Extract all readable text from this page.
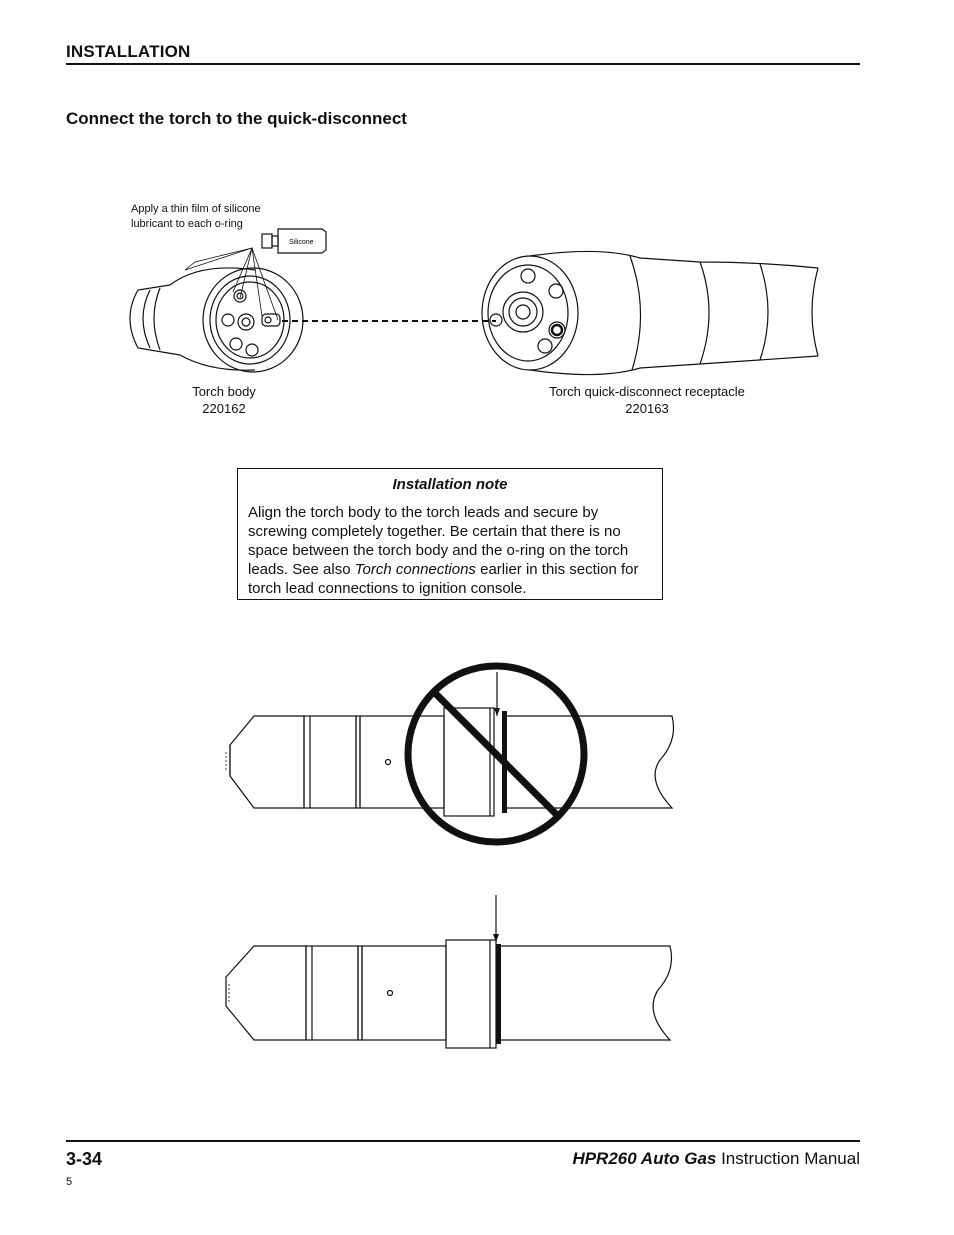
INSTALLATION
Connect the torch to the quick-disconnect
Apply a thin film of silicone
lubricant to each o-ring
Silicone
Torch body
220162
Torch quick-disconnect receptacle
220163
Installation note

Align the torch body to the torch leads and secure by screwing completely together. Be certain that there is no space between the torch body and the o-ring on the torch leads. See also Torch connections earlier in this section for torch lead connections to ignition console.

3-34	HPR260 Auto Gas Instruction Manual
5
